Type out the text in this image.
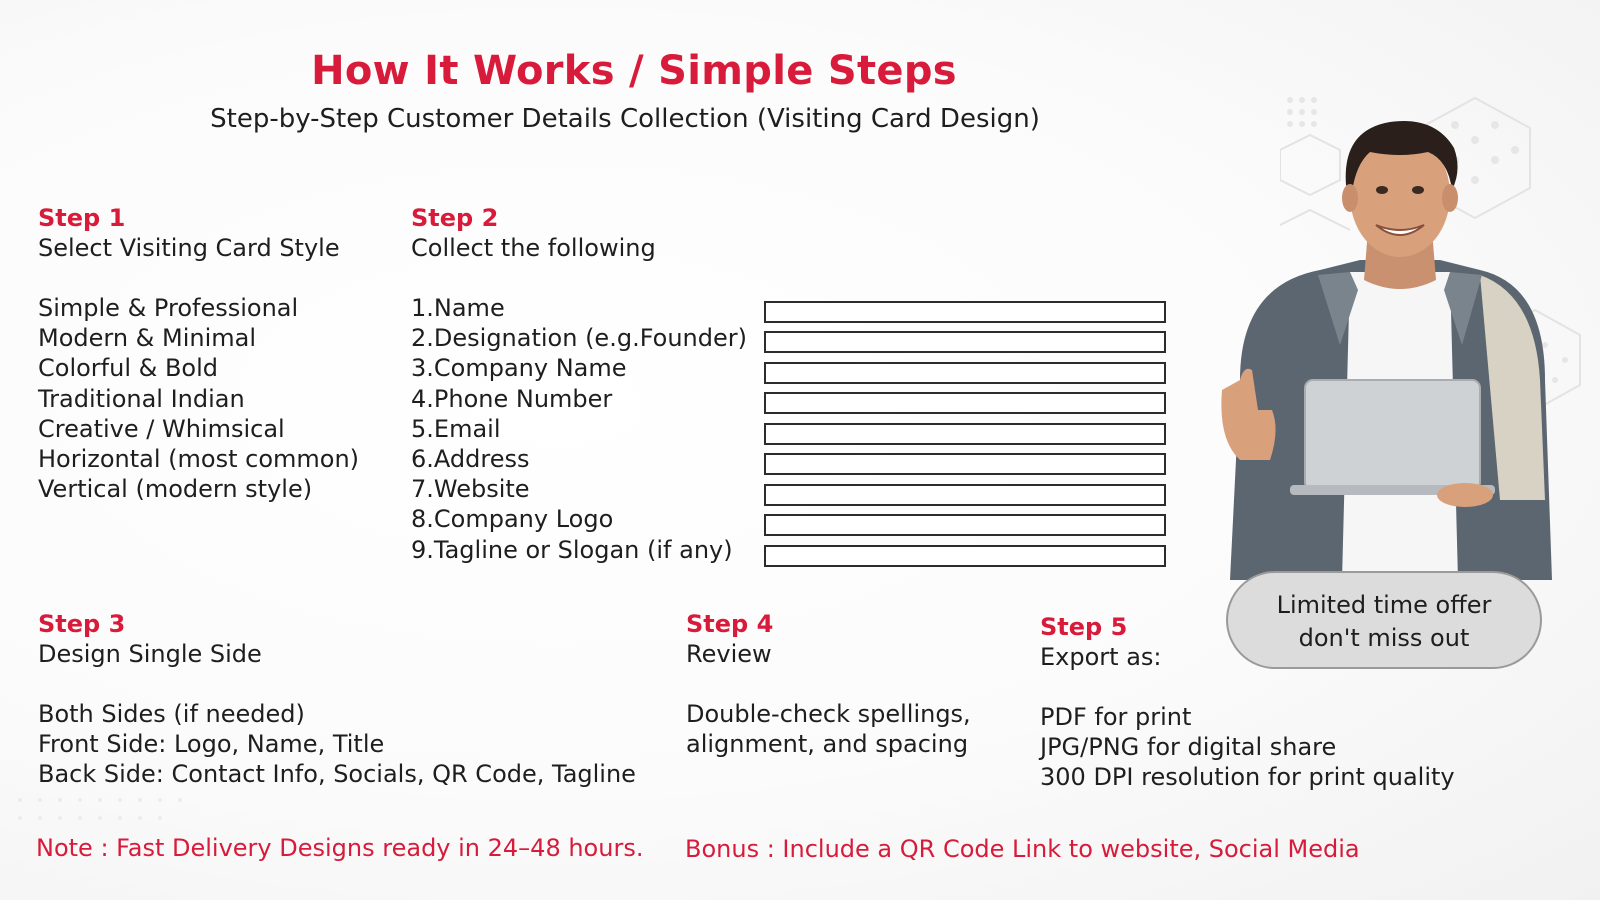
How It Works / Simple Steps
Step-by-Step Customer Details Collection (Visiting Card Design)
Step 1
Select Visiting Card Style
Simple & Professional
Modern & Minimal
Colorful & Bold
Traditional Indian
Creative / Whimsical
Horizontal (most common)
Vertical (modern style)
Step 2
Collect the following
1.Name
2.Designation (e.g.Founder)
3.Company Name
4.Phone Number
5.Email
6.Address
7.Website
8.Company Logo
9.Tagline or Slogan (if any)
Step 3
Design Single Side
Both Sides (if needed)
Front Side: Logo, Name, Title
Back Side: Contact Info, Socials, QR Code, Tagline
Step 4
Review
Double-check spellings,
alignment, and spacing
Step 5
Export as:
PDF for print
JPG/PNG for digital share
300 DPI resolution for print quality
Limited time offer
don't miss out
Note : Fast Delivery Designs ready in 24–48 hours. Bonus : Include a QR Code Link to website, Social Media
